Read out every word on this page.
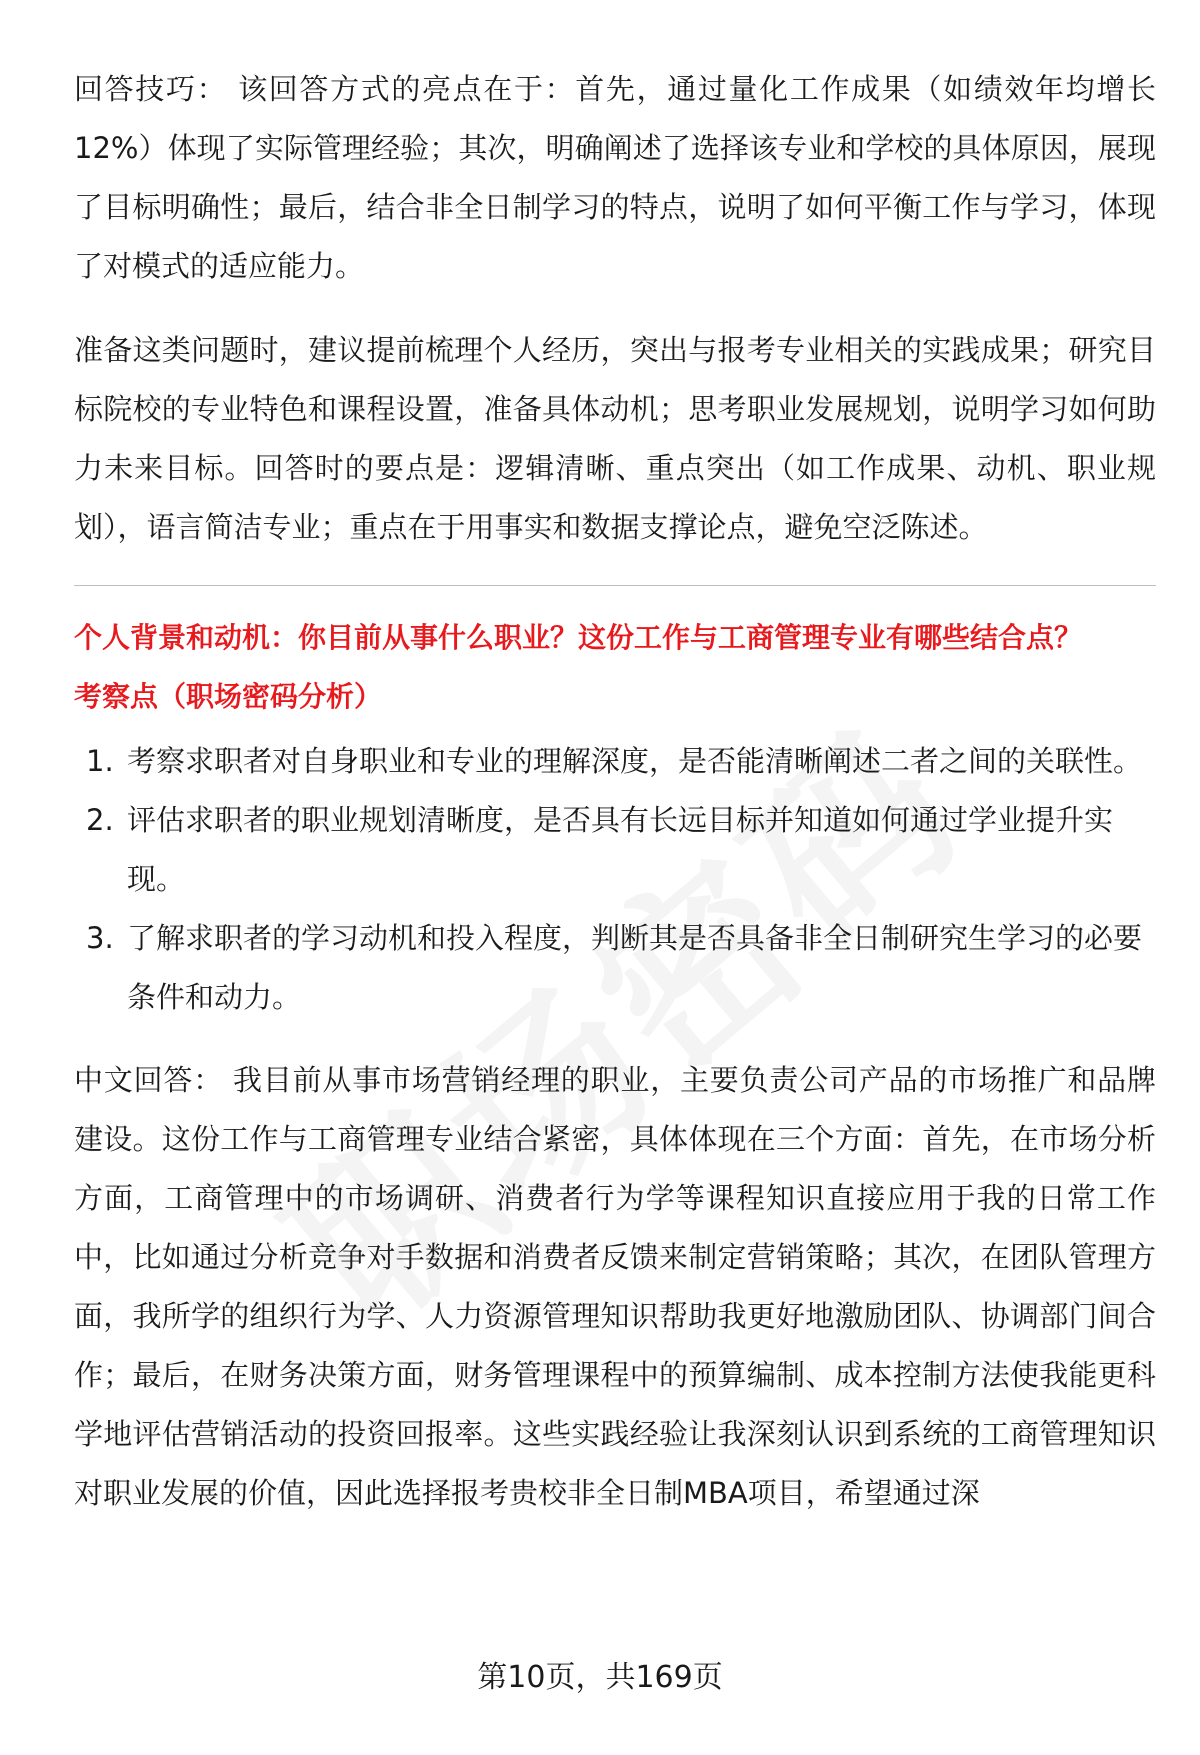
回答技巧： 该回答方式的亮点在于：首先，通过量化工作成果（如绩效年均增长12%）体现了实际管理经验；其次，明确阐述了选择该专业和学校的具体原因，展现了目标明确性；最后，结合非全日制学习的特点，说明了如何平衡工作与学习，体现了对模式的适应能力。

准备这类问题时，建议提前梳理个人经历，突出与报考专业相关的实践成果；研究目标院校的专业特色和课程设置，准备具体动机；思考职业发展规划，说明学习如何助力未来目标。回答时的要点是：逻辑清晰、重点突出（如工作成果、动机、职业规划），语言简洁专业；重点在于用事实和数据支撑论点，避免空泛陈述。

个人背景和动机：你目前从事什么职业？这份工作与工商管理专业有哪些结合点？

考察点（职场密码分析）

1. 考察求职者对自身职业和专业的理解深度，是否能清晰阐述二者之间的关联性。
2. 评估求职者的职业规划清晰度，是否具有长远目标并知道如何通过学业提升实现。
3. 了解求职者的学习动机和投入程度，判断其是否具备非全日制研究生学习的必要条件和动力。

中文回答： 我目前从事市场营销经理的职业，主要负责公司产品的市场推广和品牌建设。这份工作与工商管理专业结合紧密，具体体现在三个方面：首先，在市场分析方面，工商管理中的市场调研、消费者行为学等课程知识直接应用于我的日常工作中，比如通过分析竞争对手数据和消费者反馈来制定营销策略；其次，在团队管理方面，我所学的组织行为学、人力资源管理知识帮助我更好地激励团队、协调部门间合作；最后，在财务决策方面，财务管理课程中的预算编制、成本控制方法使我能更科学地评估营销活动的投资回报率。这些实践经验让我深刻认识到系统的工商管理知识对职业发展的价值，因此选择报考贵校非全日制MBA项目，希望通过深

第10页，共169页
